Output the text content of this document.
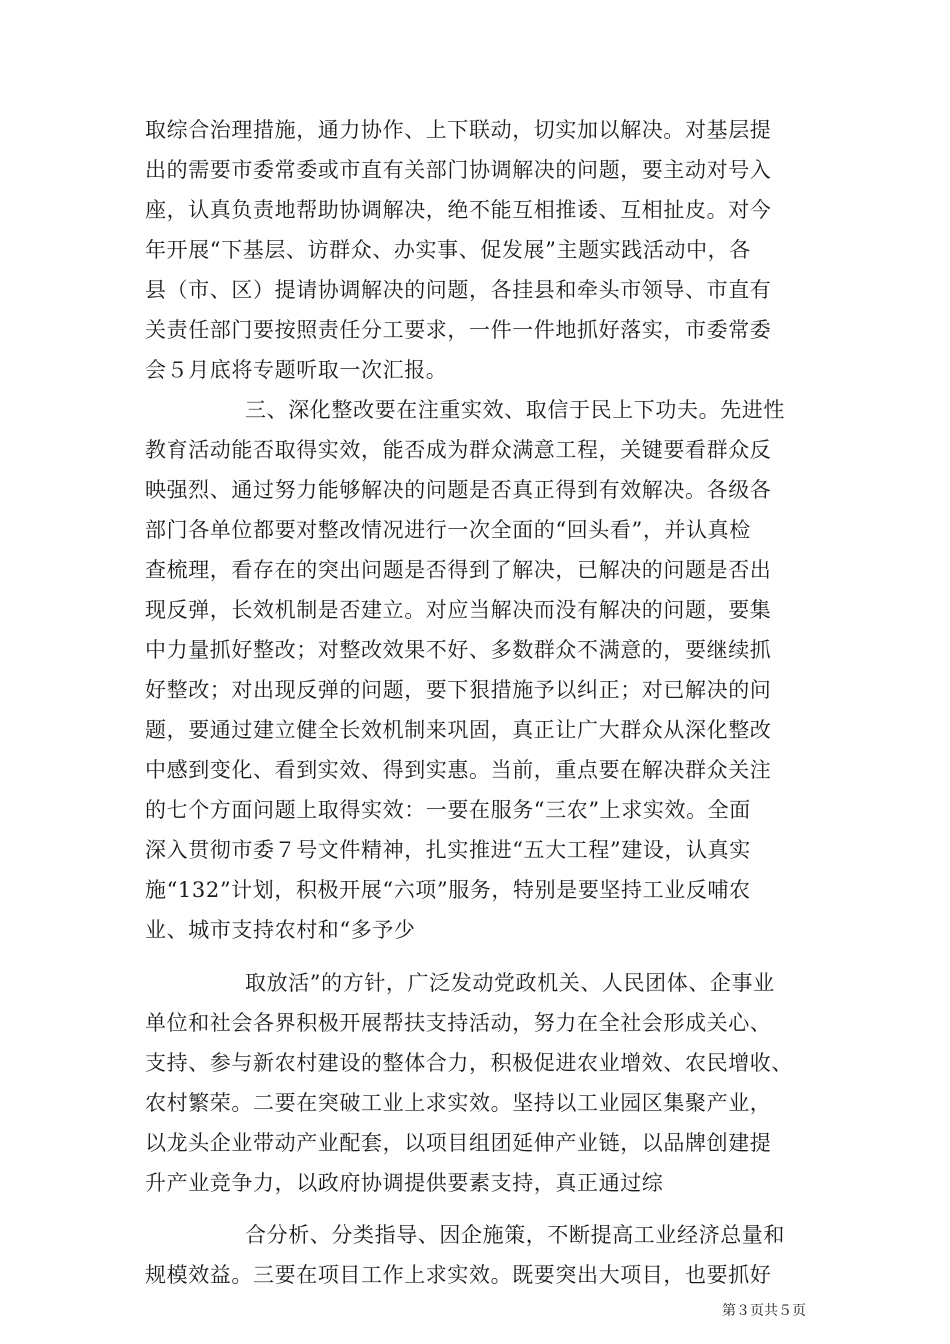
取综合治理措施，通力协作、上下联动，切实加以解决。对基层提
出的需要市委常委或市直有关部门协调解决的问题，要主动对号入
座，认真负责地帮助协调解决，绝不能互相推诿、互相扯皮。对今
年开展“下基层、访群众、办实事、促发展”主题实践活动中，各
县（市、区）提请协调解决的问题，各挂县和牵头市领导、市直有
关责任部门要按照责任分工要求，一件一件地抓好落实，市委常委
会５月底将专题听取一次汇报。
三、深化整改要在注重实效、取信于民上下功夫。先进性
教育活动能否取得实效，能否成为群众满意工程，关键要看群众反
映强烈、通过努力能够解决的问题是否真正得到有效解决。各级各
部门各单位都要对整改情况进行一次全面的“回头看”，并认真检
查梳理，看存在的突出问题是否得到了解决，已解决的问题是否出
现反弹，长效机制是否建立。对应当解决而没有解决的问题，要集
中力量抓好整改；对整改效果不好、多数群众不满意的，要继续抓
好整改；对出现反弹的问题，要下狠措施予以纠正；对已解决的问
题，要通过建立健全长效机制来巩固，真正让广大群众从深化整改
中感到变化、看到实效、得到实惠。当前，重点要在解决群众关注
的七个方面问题上取得实效：一要在服务“三农”上求实效。全面
深入贯彻市委７号文件精神，扎实推进“五大工程”建设，认真实
施“132”计划，积极开展“六项”服务，特别是要坚持工业反哺农
业、城市支持农村和“多予少
取放活”的方针，广泛发动党政机关、人民团体、企事业
单位和社会各界积极开展帮扶支持活动，努力在全社会形成关心、
支持、参与新农村建设的整体合力，积极促进农业增效、农民增收、
农村繁荣。二要在突破工业上求实效。坚持以工业园区集聚产业，
以龙头企业带动产业配套，以项目组团延伸产业链，以品牌创建提
升产业竞争力，以政府协调提供要素支持，真正通过综
合分析、分类指导、因企施策，不断提高工业经济总量和
规模效益。三要在项目工作上求实效。既要突出大项目，也要抓好
第３页共５页
